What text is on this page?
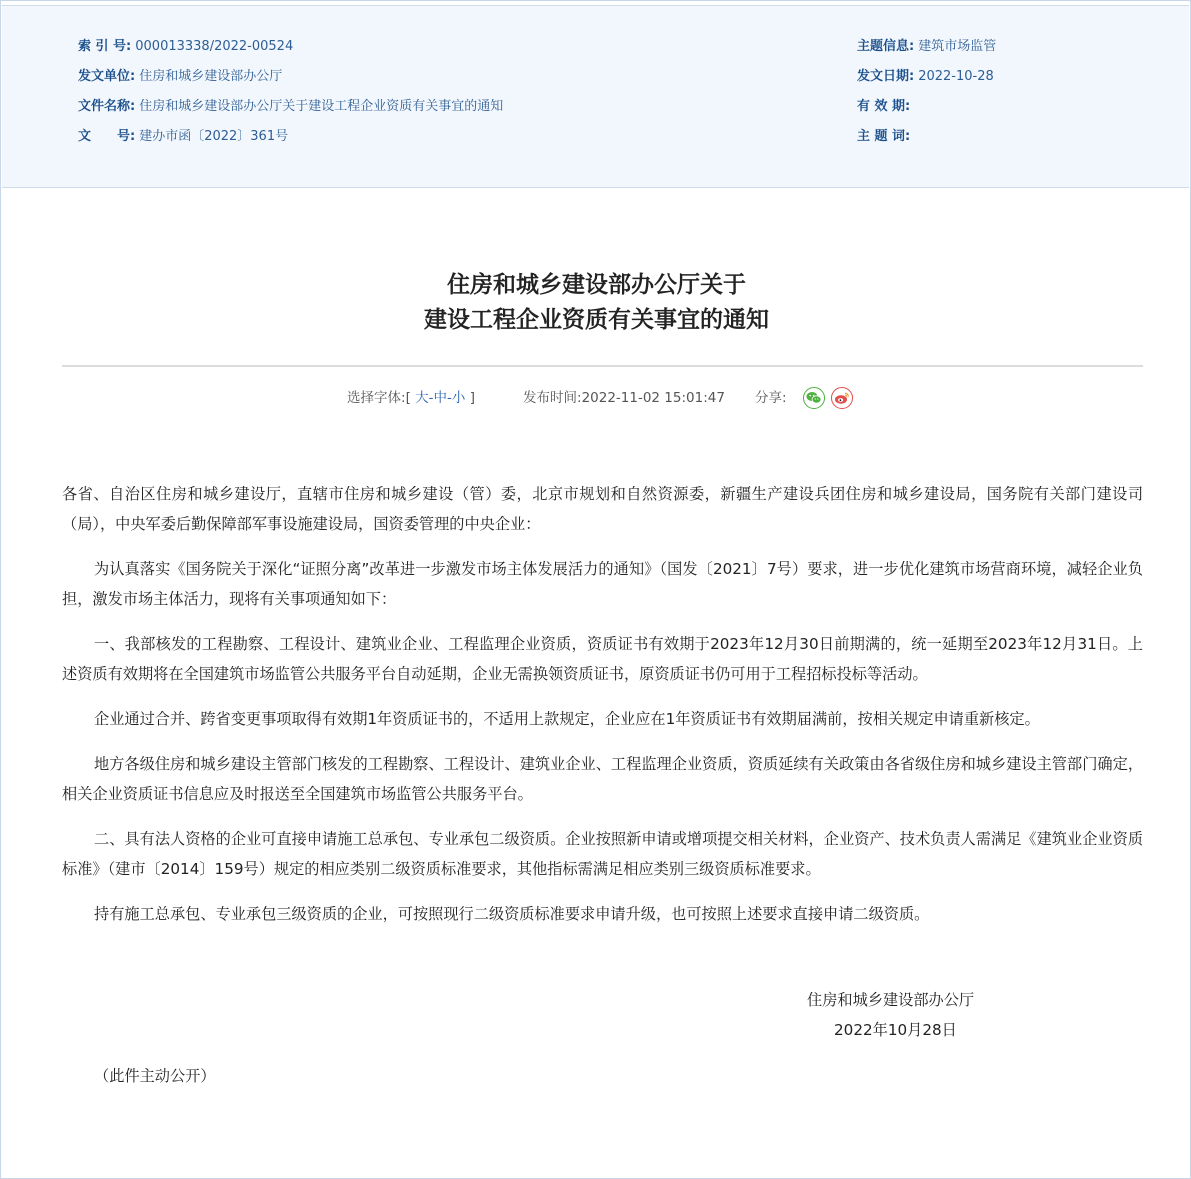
索 引 号: 000013338/2022-00524
发文单位: 住房和城乡建设部办公厅
文件名称: 住房和城乡建设部办公厅关于建设工程企业资质有关事宜的通知
文　　号: 建办市函〔2022〕361号
主题信息: 建筑市场监管
发文日期: 2022-10-28
有 效 期:
主 题 词:
住房和城乡建设部办公厅关于
建设工程企业资质有关事宜的通知
选择字体:[ 大-中-小 ]	发布时间:2022-11-02 15:01:47 分享:

各省、自治区住房和城乡建设厅，直辖市住房和城乡建设（管）委，北京市规划和自然资源委，新疆生产建设兵团住房和城乡建设局，国务院有关部门建设司（局），中央军委后勤保障部军事设施建设局，国资委管理的中央企业：

为认真落实《国务院关于深化“证照分离”改革进一步激发市场主体发展活力的通知》（国发〔2021〕7号）要求，进一步优化建筑市场营商环境，减轻企业负担，激发市场主体活力，现将有关事项通知如下：

一、我部核发的工程勘察、工程设计、建筑业企业、工程监理企业资质，资质证书有效期于2023年12月30日前期满的，统一延期至2023年12月31日。上述资质有效期将在全国建筑市场监管公共服务平台自动延期，企业无需换领资质证书，原资质证书仍可用于工程招标投标等活动。

企业通过合并、跨省变更事项取得有效期1年资质证书的，不适用上款规定，企业应在1年资质证书有效期届满前，按相关规定申请重新核定。

地方各级住房和城乡建设主管部门核发的工程勘察、工程设计、建筑业企业、工程监理企业资质，资质延续有关政策由各省级住房和城乡建设主管部门确定，相关企业资质证书信息应及时报送至全国建筑市场监管公共服务平台。

二、具有法人资格的企业可直接申请施工总承包、专业承包二级资质。企业按照新申请或增项提交相关材料，企业资产、技术负责人需满足《建筑业企业资质标准》（建市〔2014〕159号）规定的相应类别二级资质标准要求，其他指标需满足相应类别三级资质标准要求。

持有施工总承包、专业承包三级资质的企业，可按照现行二级资质标准要求申请升级，也可按照上述要求直接申请二级资质。

住房和城乡建设部办公厅
2022年10月28日
（此件主动公开）
